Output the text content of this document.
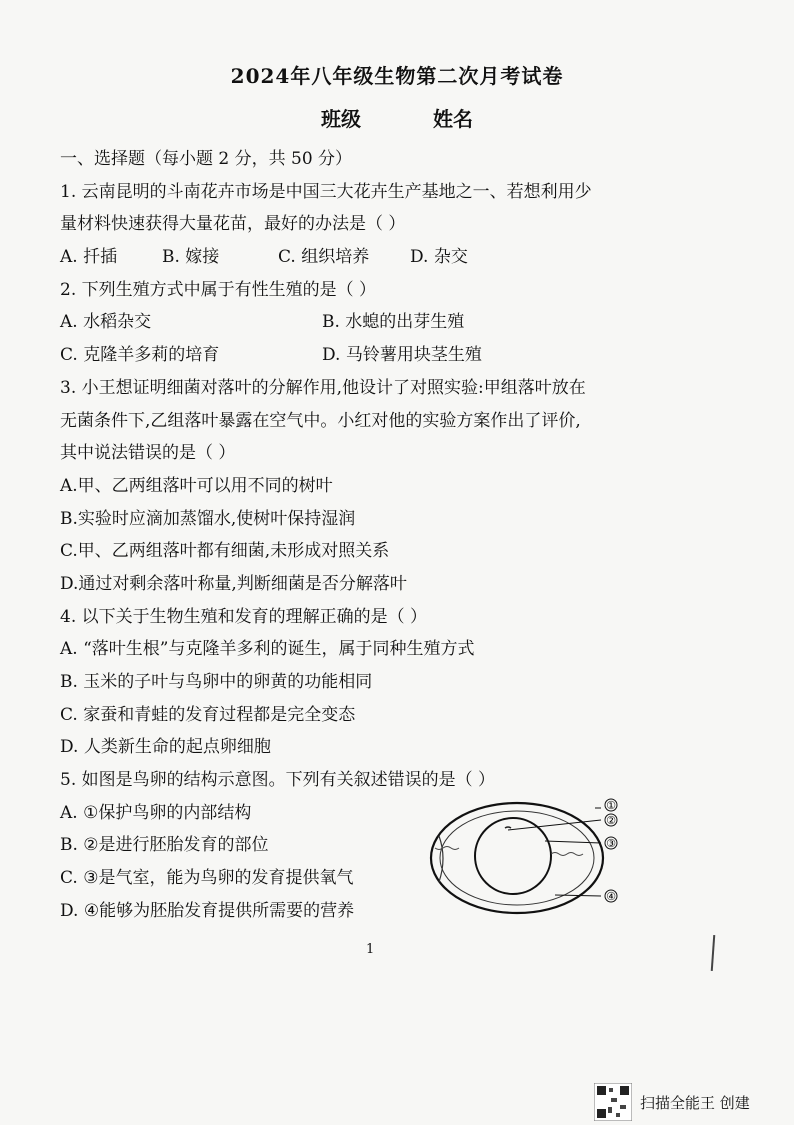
2024年八年级生物第二次月考试卷
班级	姓名
一、选择题（每小题 2 分，共 50 分）
1. 云南昆明的斗南花卉市场是中国三大花卉生产基地之一、若想利用少
量材料快速获得大量花苗，最好的办法是（ ）
A. 扦插	B. 嫁接	C. 组织培养 D. 杂交
2. 下列生殖方式中属于有性生殖的是（ ）
A. 水稻杂交	B. 水螅的出芽生殖
C. 克隆羊多莉的培育	D. 马铃薯用块茎生殖
3. 小王想证明细菌对落叶的分解作用,他设计了对照实验:甲组落叶放在
无菌条件下,乙组落叶暴露在空气中。小红对他的实验方案作出了评价,
其中说法错误的是（ ）
A.甲、乙两组落叶可以用不同的树叶
B.实验时应滴加蒸馏水,使树叶保持湿润
C.甲、乙两组落叶都有细菌,未形成对照关系
D.通过对剩余落叶称量,判断细菌是否分解落叶
4. 以下关于生物生殖和发育的理解正确的是（ ）
A. “落叶生根”与克隆羊多利的诞生，属于同种生殖方式
B. 玉米的子叶与鸟卵中的卵黄的功能相同
C. 家蚕和青蛙的发育过程都是完全变态
D. 人类新生命的起点卵细胞
5. 如图是鸟卵的结构示意图。下列有关叙述错误的是（ ）
A. ①保护鸟卵的内部结构
B. ②是进行胚胎发育的部位
C. ③是气室，能为鸟卵的发育提供氧气
D. ④能够为胚胎发育提供所需要的营养
①
②
③
④
1
扫描全能王 创建
